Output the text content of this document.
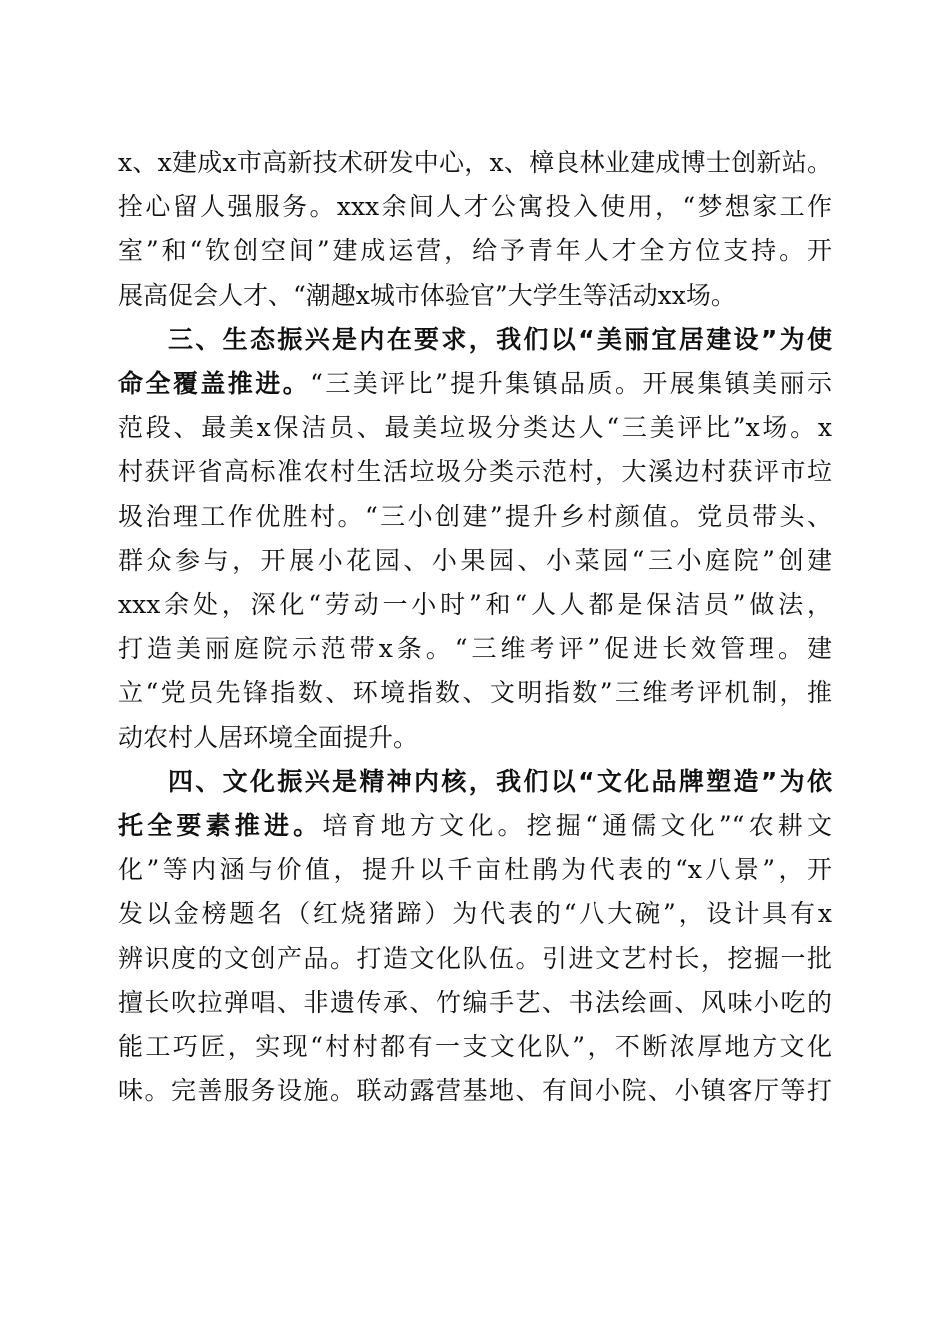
x、x建成x市高新技术研发中心，x、樟良林业建成博士创新站。
拴心留人强服务。xxx余间人才公寓投入使用，“梦想家工作
室”和“钦创空间”建成运营，给予青年人才全方位支持。开
展高促会人才、“潮趣x城市体验官”大学生等活动xx场。
三、生态振兴是内在要求，我们以“美丽宜居建设”为使
命全覆盖推进。“三美评比”提升集镇品质。开展集镇美丽示
范段、最美x保洁员、最美垃圾分类达人“三美评比”x场。x
村获评省高标准农村生活垃圾分类示范村，大溪边村获评市垃
圾治理工作优胜村。“三小创建”提升乡村颜值。党员带头、
群众参与，开展小花园、小果园、小菜园“三小庭院”创建
xxx余处，深化“劳动一小时”和“人人都是保洁员”做法，
打造美丽庭院示范带x条。“三维考评”促进长效管理。建
立“党员先锋指数、环境指数、文明指数”三维考评机制，推
动农村人居环境全面提升。
四、文化振兴是精神内核，我们以“文化品牌塑造”为依
托全要素推进。培育地方文化。挖掘“通儒文化”“农耕文
化”等内涵与价值，提升以千亩杜鹃为代表的“x八景”，开
发以金榜题名（红烧猪蹄）为代表的“八大碗”，设计具有x
辨识度的文创产品。打造文化队伍。引进文艺村长，挖掘一批
擅长吹拉弹唱、非遗传承、竹编手艺、书法绘画、风味小吃的
能工巧匠，实现“村村都有一支文化队”，不断浓厚地方文化
味。完善服务设施。联动露营基地、有间小院、小镇客厅等打
